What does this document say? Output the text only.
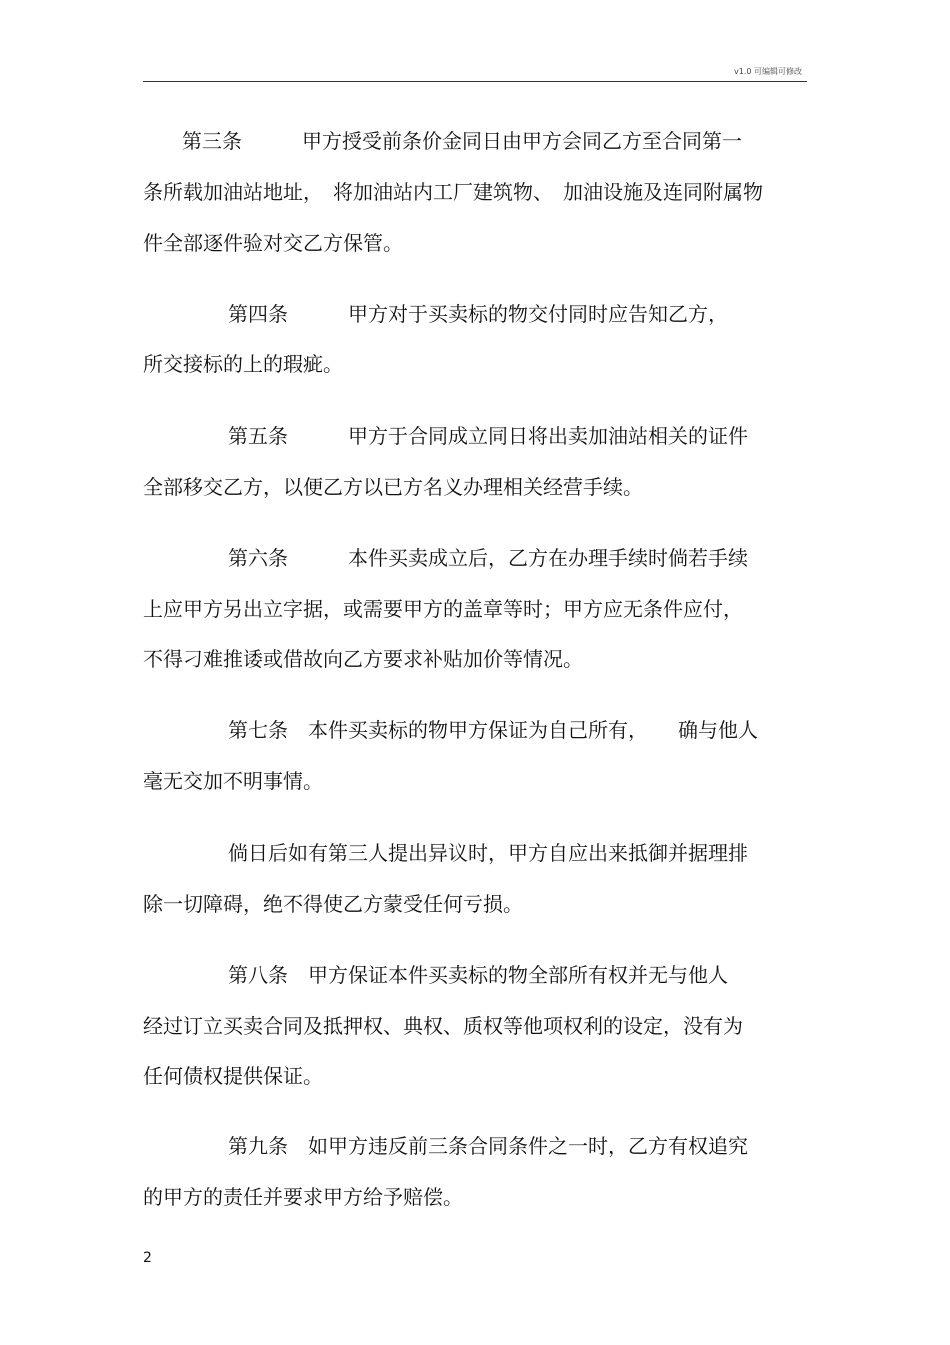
v1.0 可编辑可修改
第三条　　　甲方授受前条价金同日由甲方会同乙方至合同第一
条所载加油站地址，　将加油站内工厂建筑物、　加油设施及连同附属物
件全部逐件验对交乙方保管。
第四条　　　甲方对于买卖标的物交付同时应告知乙方，
所交接标的上的瑕疵。
第五条　　　甲方于合同成立同日将出卖加油站相关的证件
全部移交乙方，以便乙方以已方名义办理相关经营手续。
第六条　　　本件买卖成立后，乙方在办理手续时倘若手续
上应甲方另出立字据，或需要甲方的盖章等时；甲方应无条件应付，
不得刁难推诿或借故向乙方要求补贴加价等情况。
第七条　本件买卖标的物甲方保证为自己所有，　　确与他人
毫无交加不明事情。
倘日后如有第三人提出异议时，甲方自应出来抵御并据理排
除一切障碍，绝不得使乙方蒙受任何亏损。
第八条　甲方保证本件买卖标的物全部所有权并无与他人
经过订立买卖合同及抵押权、典权、质权等他项权利的设定，没有为
任何债权提供保证。
第九条　如甲方违反前三条合同条件之一时，乙方有权追究
的甲方的责任并要求甲方给予赔偿。
2
